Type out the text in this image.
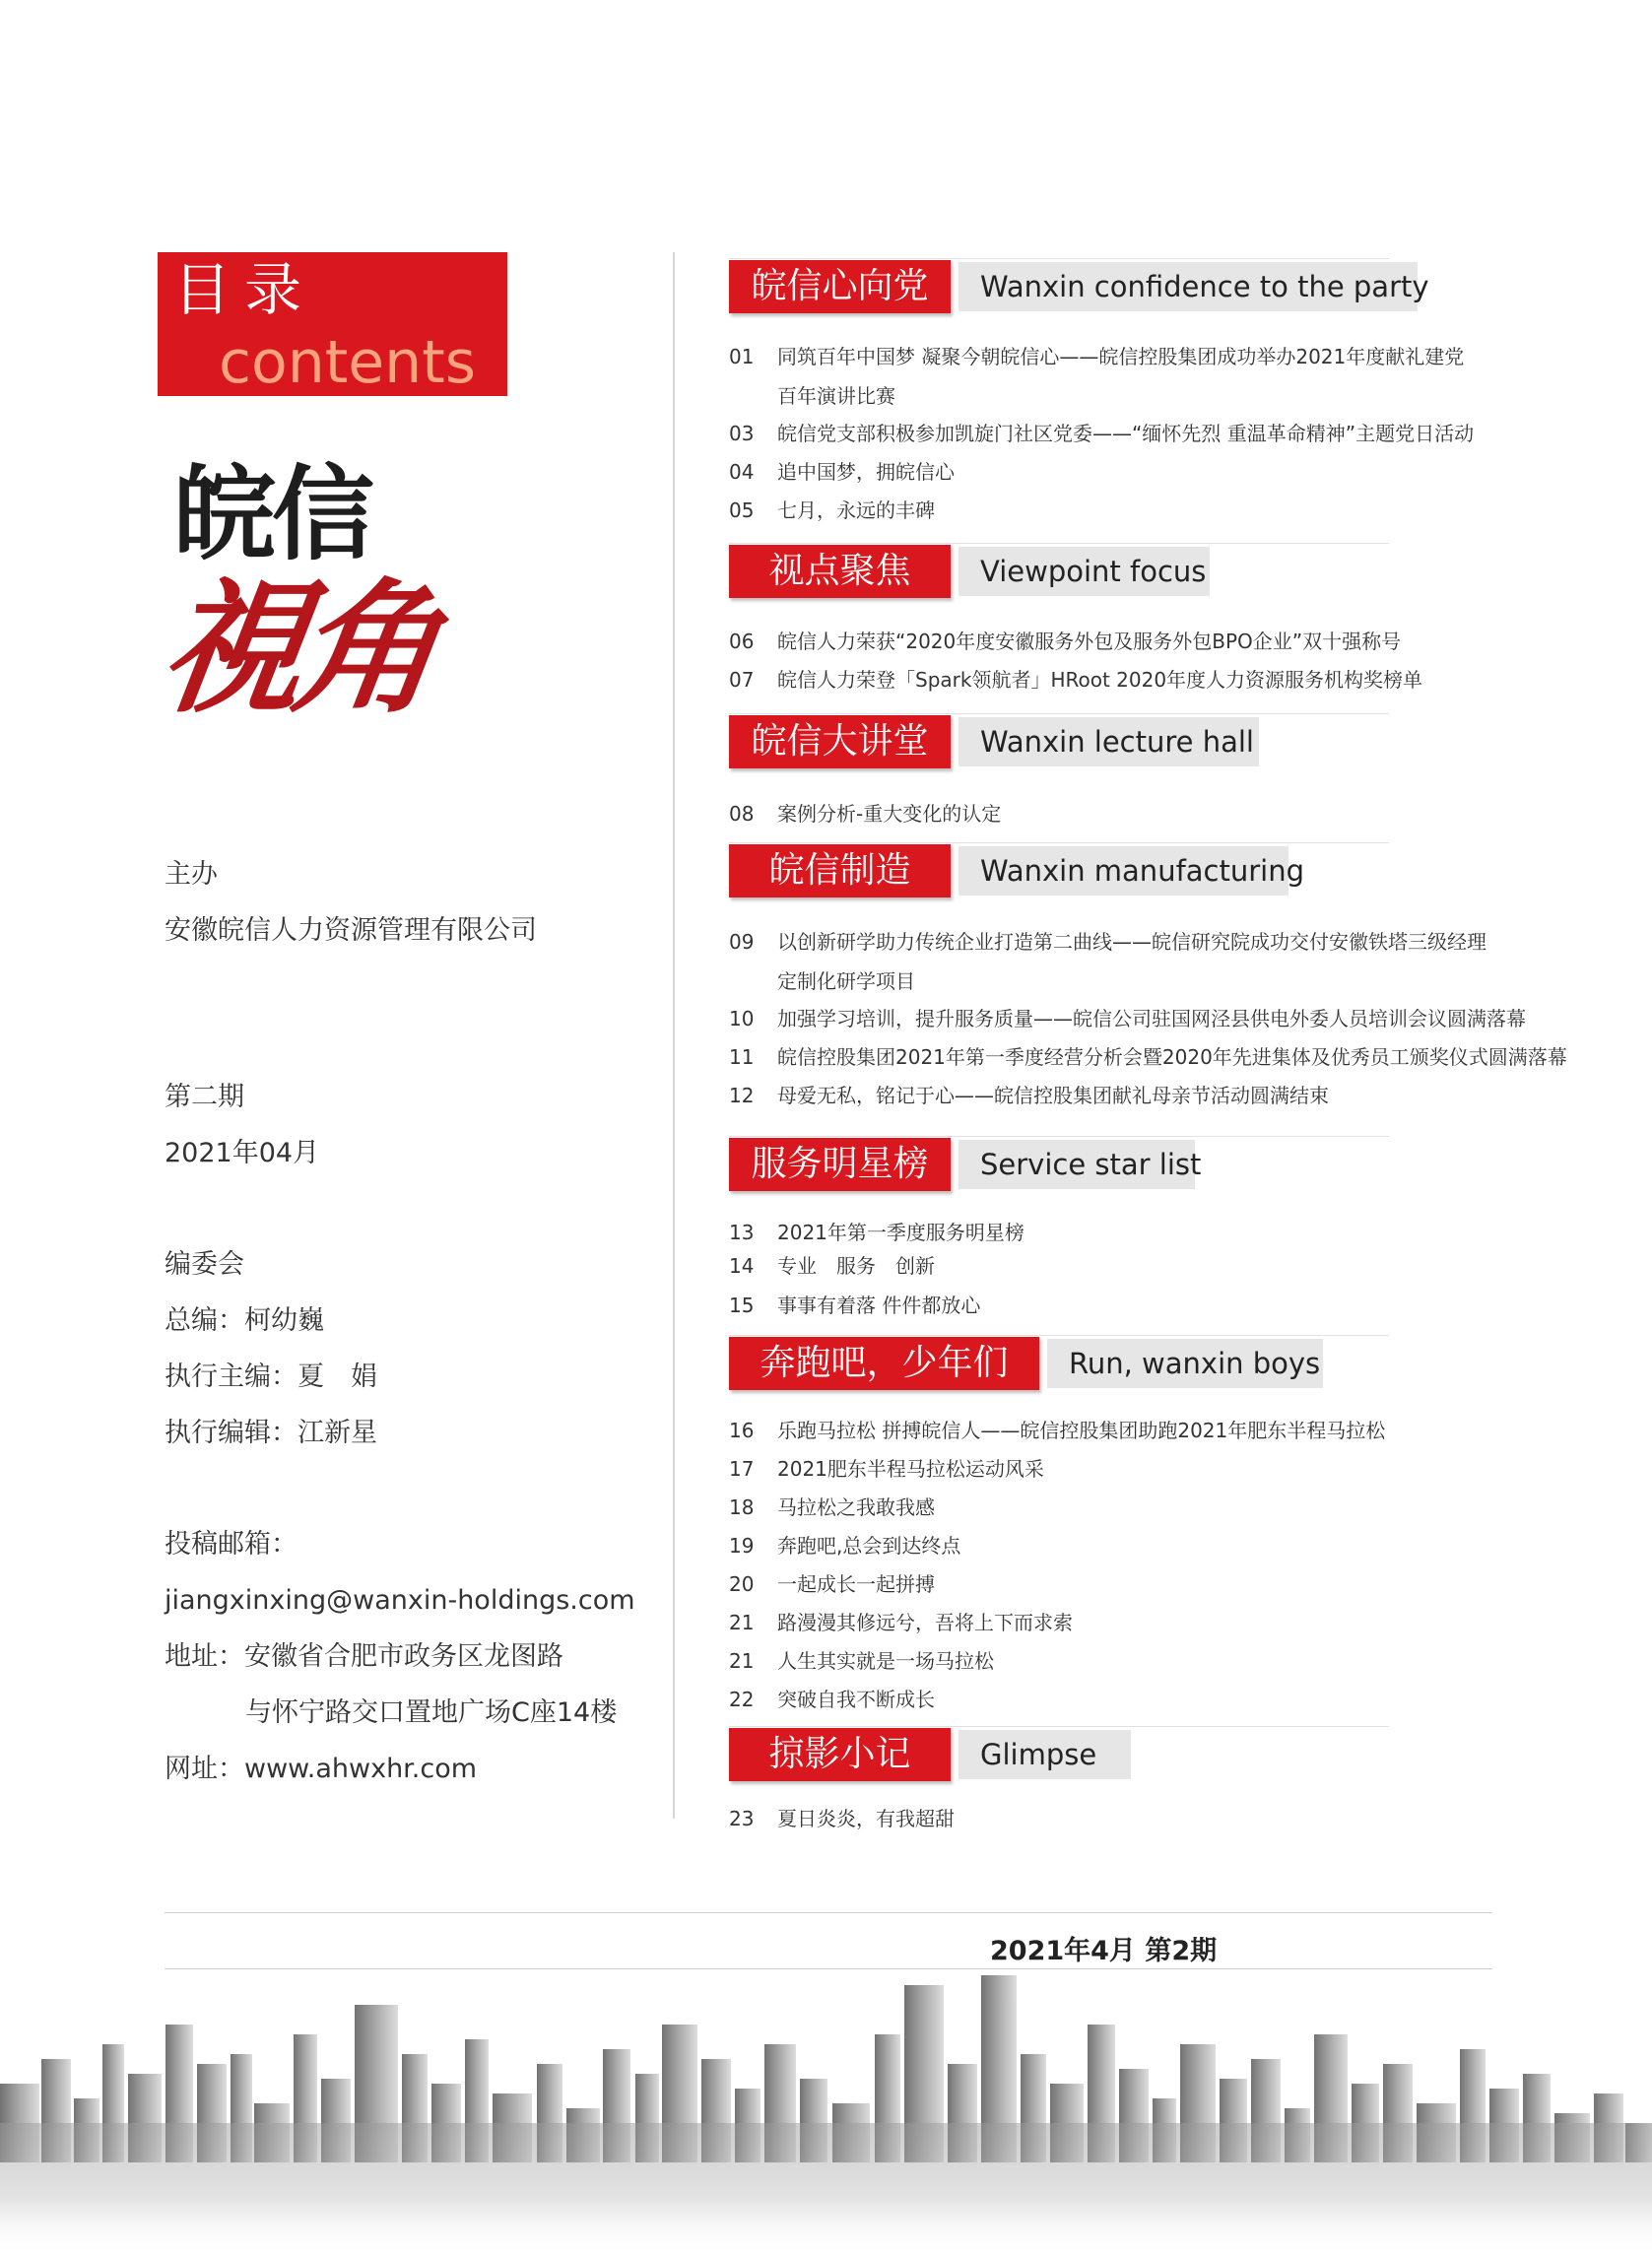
目录
contents
皖信
視角
主办
安徽皖信人力资源管理有限公司
第二期
2021年04月
编委会
总编：柯幼巍
执行主编：夏　娟
执行编辑：江新星
投稿邮箱：
jiangxinxing@wanxin-holdings.com
地址：安徽省合肥市政务区龙图路
与怀宁路交口置地广场C座14楼
网址：www.ahwxhr.com
皖信心向党	Wanxin confidence to the party
01 同筑百年中国梦 凝聚今朝皖信心——皖信控股集团成功举办2021年度献礼建党
百年演讲比赛
03 皖信党支部积极参加凯旋门社区党委——“缅怀先烈 重温革命精神”主题党日活动
04 追中国梦，拥皖信心
05 七月，永远的丰碑
视点聚焦	Viewpoint focus
06 皖信人力荣获“2020年度安徽服务外包及服务外包BPO企业”双十强称号
07 皖信人力荣登「Spark领航者」HRoot 2020年度人力资源服务机构奖榜单
皖信大讲堂	Wanxin lecture hall
08 案例分析-重大变化的认定
皖信制造	Wanxin manufacturing
09 以创新研学助力传统企业打造第二曲线——皖信研究院成功交付安徽铁塔三级经理
定制化研学项目
10 加强学习培训，提升服务质量——皖信公司驻国网泾县供电外委人员培训会议圆满落幕
11 皖信控股集团2021年第一季度经营分析会暨2020年先进集体及优秀员工颁奖仪式圆满落幕
12 母爱无私，铭记于心——皖信控股集团献礼母亲节活动圆满结束
服务明星榜	Service star list
13 2021年第一季度服务明星榜
14 专业　服务　创新
15 事事有着落 件件都放心
奔跑吧，少年们	Run, wanxin boys
16 乐跑马拉松 拼搏皖信人——皖信控股集团助跑2021年肥东半程马拉松
17 2021肥东半程马拉松运动风采
18 马拉松之我敢我感
19 奔跑吧,总会到达终点
20 一起成长一起拼搏
21 路漫漫其修远兮，吾将上下而求索
21 人生其实就是一场马拉松
22 突破自我不断成长
掠影小记	Glimpse
23 夏日炎炎，有我超甜
2021年4月 第2期
